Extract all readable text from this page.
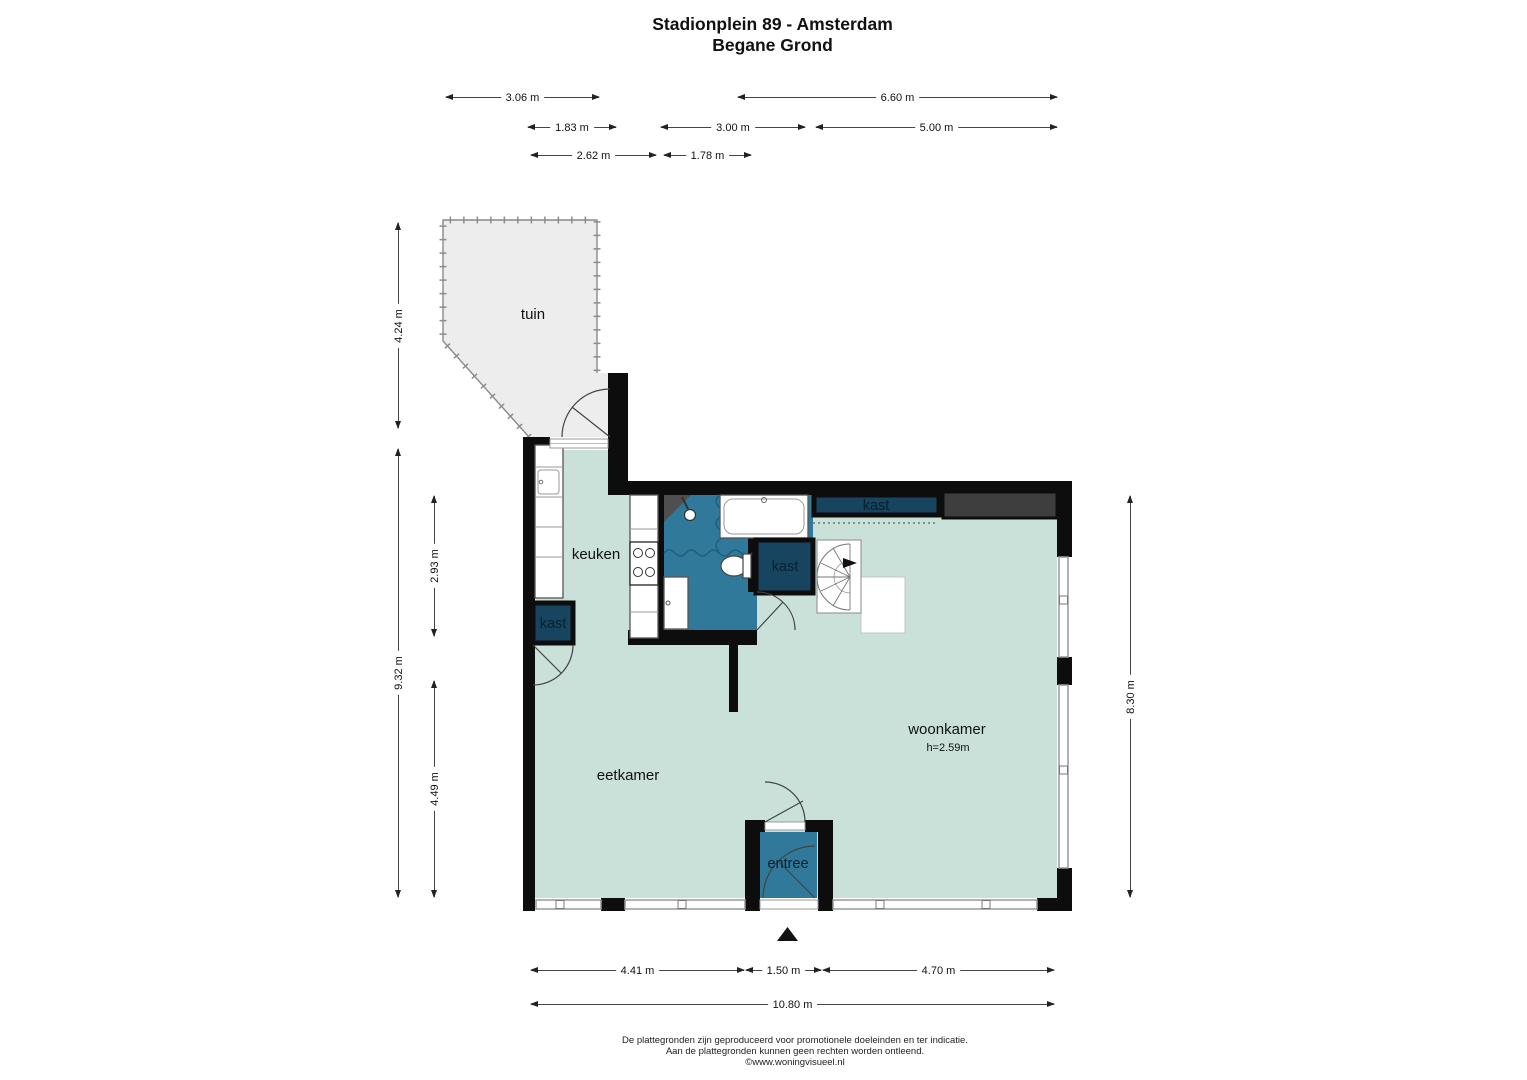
Stadionplein 89 - Amsterdam
Begane Grond
3.06 m	6.60 m
1.83 m	3.00 m	5.00 m
2.62 m	1.78 m
4.24 m
9.32 m
2.93 m
4.49 m
8.30 m
4.41 m	1.50 m	4.70 m
10.80 m
kast
kast
kast
tuin
keuken
eetkamer
woonkamer
h=2.59m
entree
De plattegronden zijn geproduceerd voor promotionele doeleinden en ter indicatie.
Aan de plattegronden kunnen geen rechten worden ontleend.
©www.woningvisueel.nl
